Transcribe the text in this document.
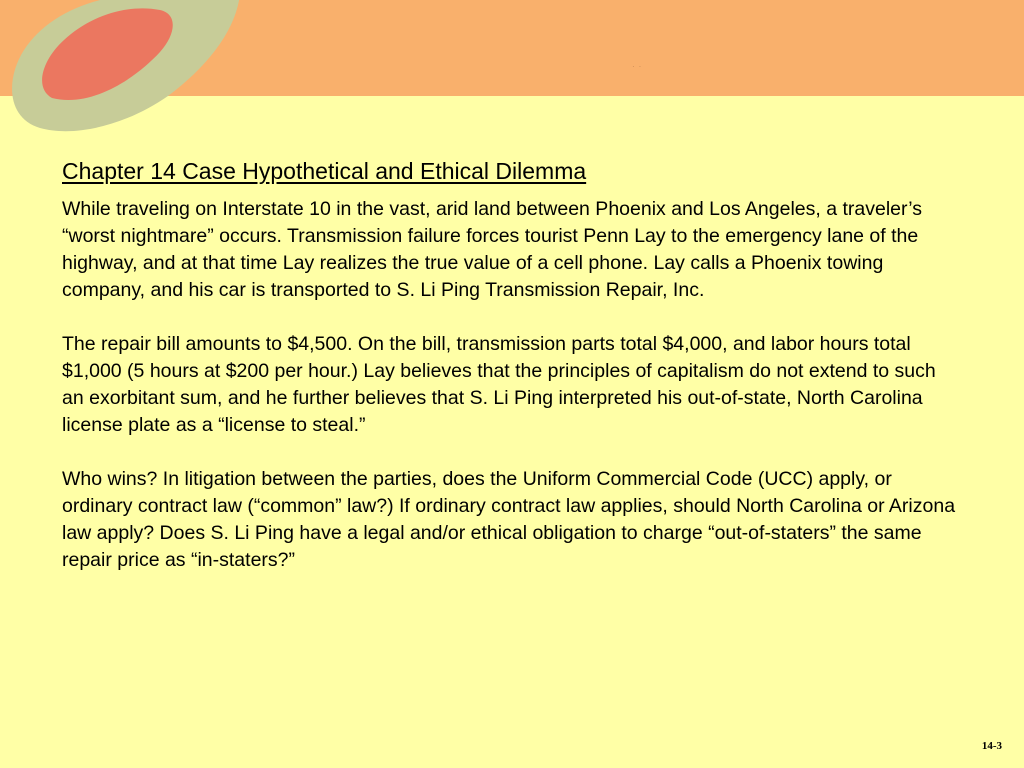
··
Chapter 14 Case Hypothetical and Ethical Dilemma

While traveling on Interstate 10 in the vast, arid land between Phoenix and Los Angeles, a traveler’s “worst nightmare” occurs. Transmission failure forces tourist Penn Lay to the emergency lane of the highway, and at that time Lay realizes the true value of a cell phone. Lay calls a Phoenix towing company, and his car is transported to S. Li Ping Transmission Repair, Inc.

The repair bill amounts to $4,500. On the bill, transmission parts total $4,000, and labor hours total $1,000 (5 hours at $200 per hour.) Lay believes that the principles of capitalism do not extend to such an exorbitant sum, and he further believes that S. Li Ping interpreted his out-of-state, North Carolina license plate as a “license to steal.”

Who wins? In litigation between the parties, does the Uniform Commercial Code (UCC) apply, or ordinary contract law (“common” law?) If ordinary contract law applies, should North Carolina or Arizona law apply? Does S. Li Ping have a legal and/or ethical obligation to charge “out-of-staters” the same repair price as “in-staters?”

14-3
